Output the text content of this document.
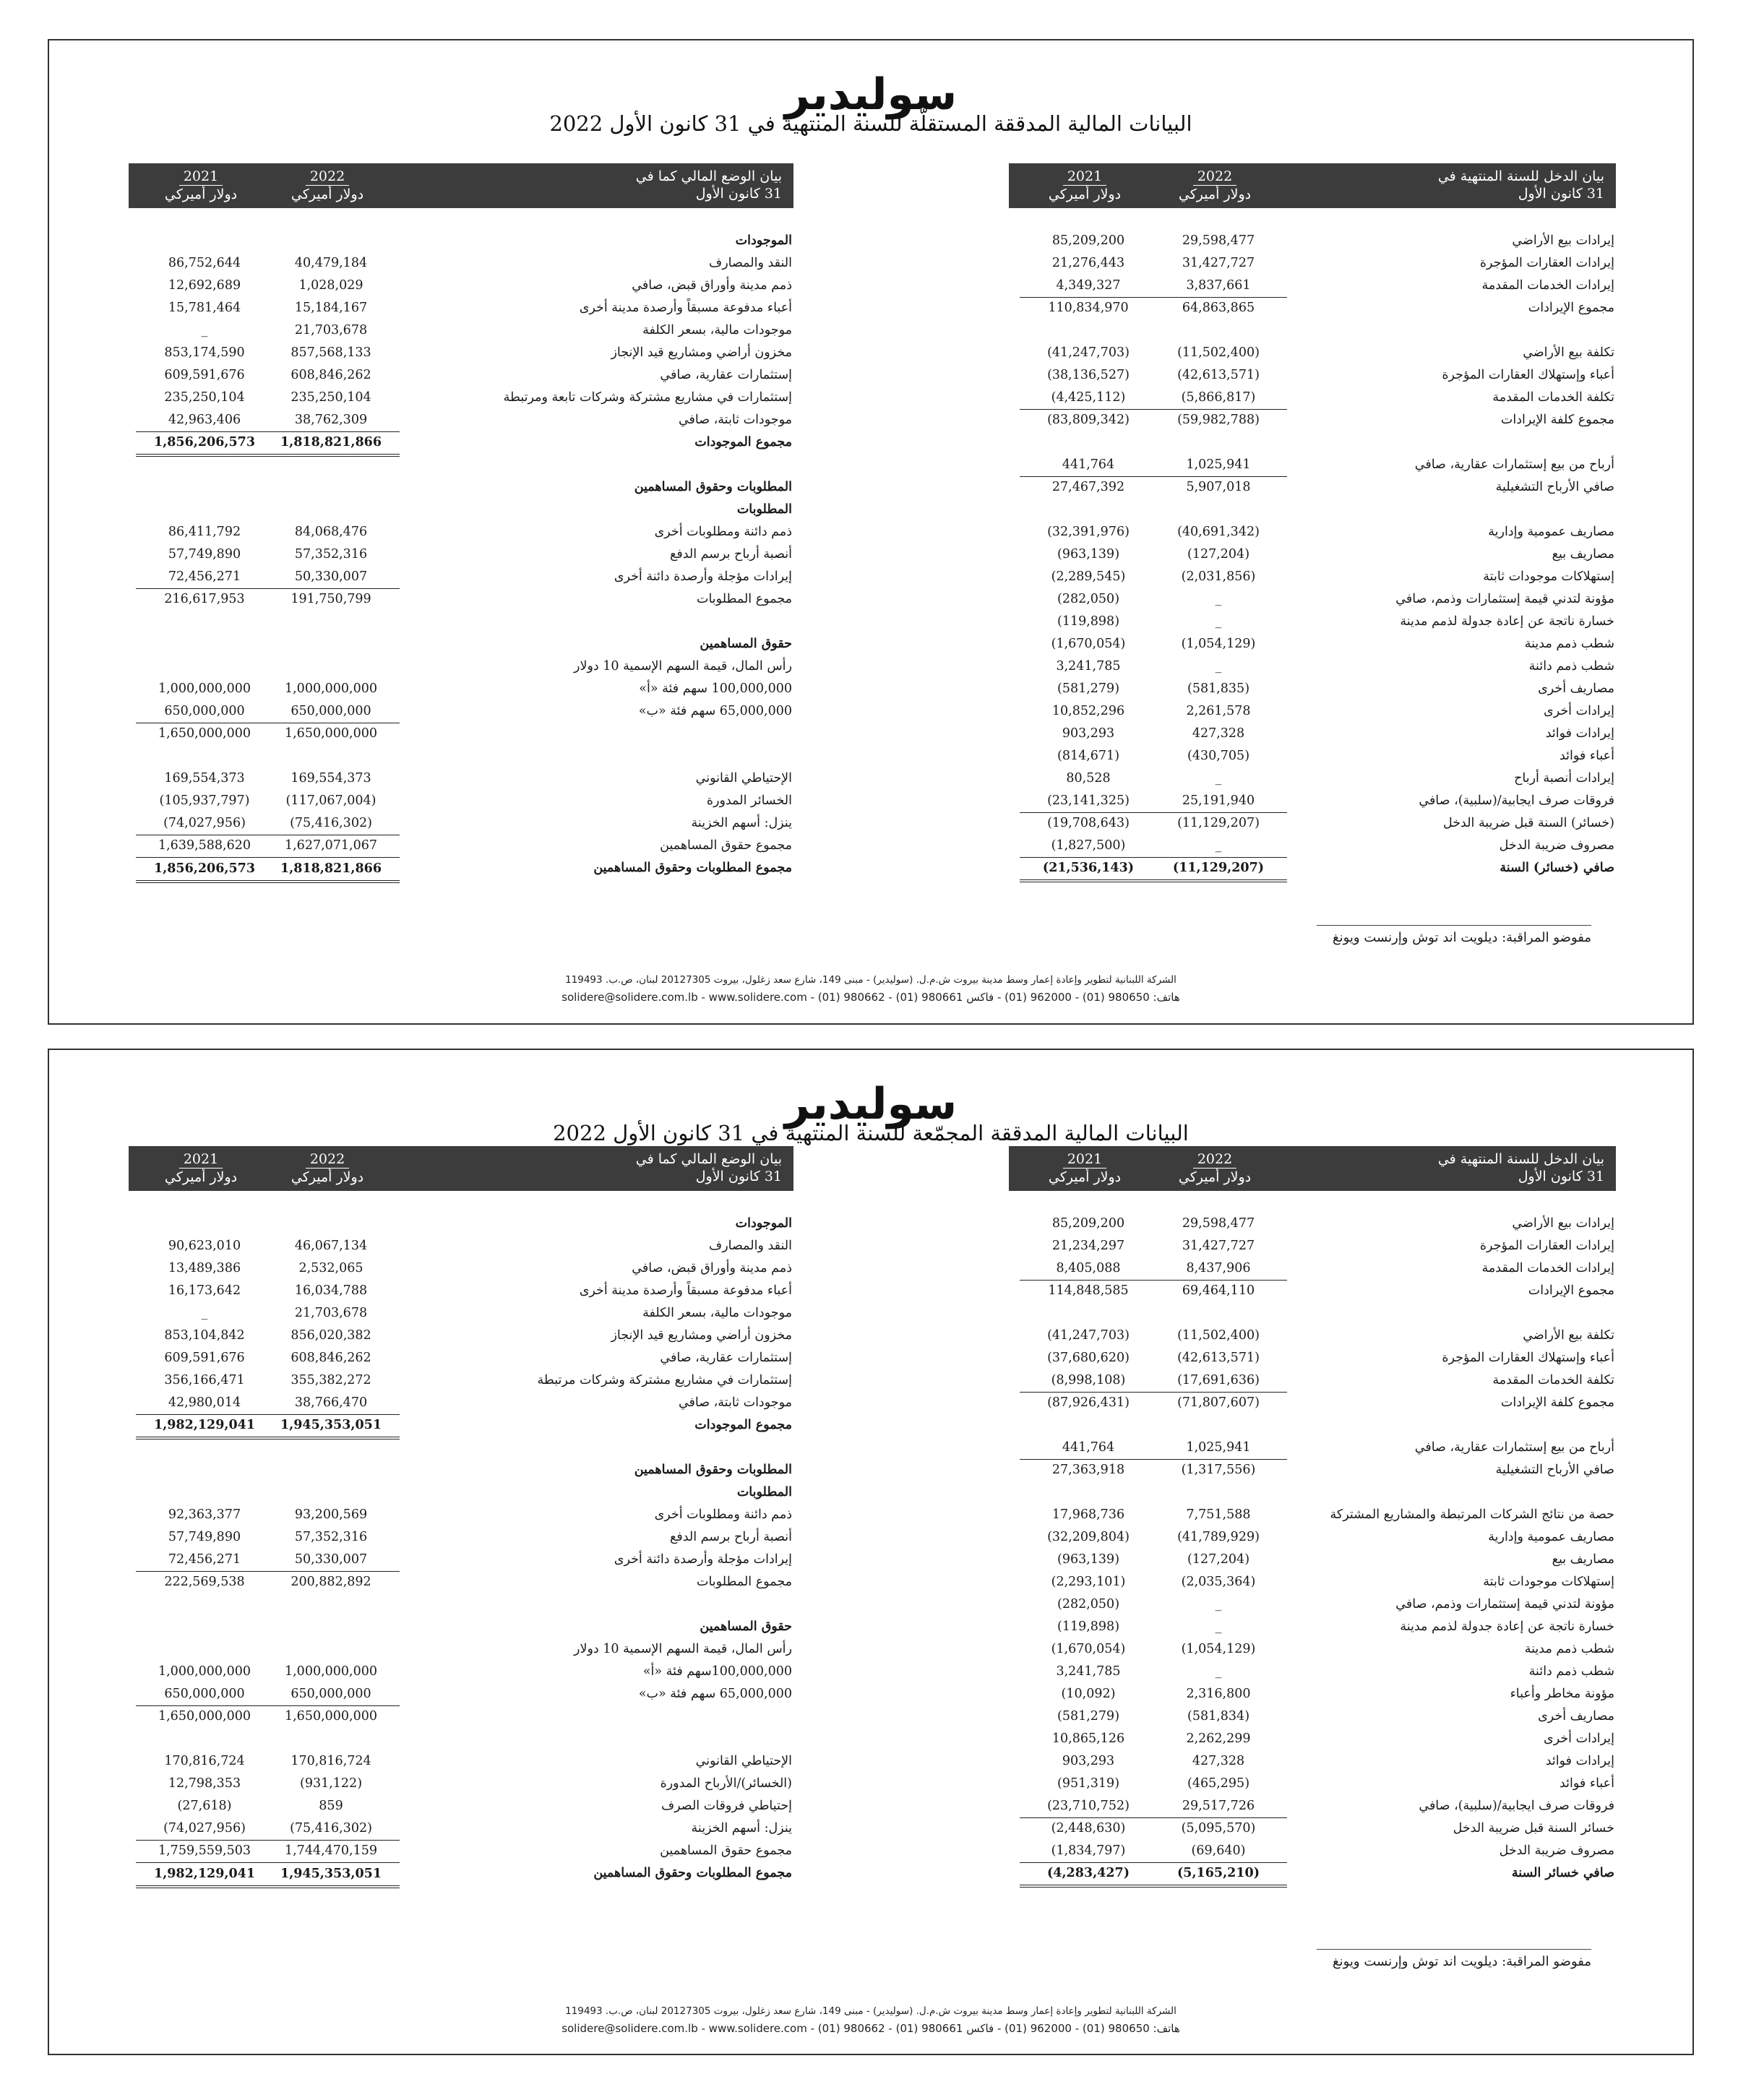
سوليدير
البيانات المالية المدققة المستقلّة للسنة المنتهية في 31 كانون الأول 2022
بيان الدخل للسنة المنتهية في
31 كانون الأول
2022
دولار أميركي
2021
دولار أميركي
إيرادات بيع الأراضي
29,598,477
85,209,200
إيرادات العقارات المؤجرة
31,427,727
21,276,443
إيرادات الخدمات المقدمة
3,837,661
4,349,327
مجموع الإيرادات
64,863,865
110,834,970
تكلفة بيع الأراضي
(11,502,400)
(41,247,703)
أعباء وإستهلاك العقارات المؤجرة
(42,613,571)
(38,136,527)
تكلفة الخدمات المقدمة
(5,866,817)
(4,425,112)
مجموع كلفة الإيرادات
(59,982,788)
(83,809,342)
أرباح من بيع إستثمارات عقارية، صافي
1,025,941
441,764
صافي الأرباح التشغيلية
5,907,018
27,467,392
مصاريف عمومية وإدارية
(40,691,342)
(32,391,976)
مصاريف بيع
(127,204)
(963,139)
إستهلاكات موجودات ثابتة
(2,031,856)
(2,289,545)
مؤونة لتدني قيمة إستثمارات وذمم، صافي
_
(282,050)
خسارة ناتجة عن إعادة جدولة لذمم مدينة
_
(119,898)
شطب ذمم مدينة
(1,054,129)
(1,670,054)
شطب ذمم دائنة
_
3,241,785
مصاريف أخرى
(581,835)
(581,279)
إيرادات أخرى
2,261,578
10,852,296
إيرادات فوائد
427,328
903,293
أعباء فوائد
(430,705)
(814,671)
إيرادات أنصبة أرباح
_
80,528
فروقات صرف ايجابية/(سلبية)، صافي
25,191,940
(23,141,325)
(خسائر) السنة قبل ضريبة الدخل
(11,129,207)
(19,708,643)
مصروف ضريبة الدخل
_
(1,827,500)
صافي (خسائر) السنة
(11,129,207)
(21,536,143)
بيان الوضع المالي كما في
31 كانون الأول
2022
دولار أميركي
2021
دولار أميركي
الموجودات
النقد والمصارف
40,479,184
86,752,644
ذمم مدينة وأوراق قبض، صافي
1,028,029
12,692,689
أعباء مدفوعة مسبقاً وأرصدة مدينة أخرى
15,184,167
15,781,464
موجودات مالية، بسعر الكلفة
21,703,678
_
مخزون أراضي ومشاريع قيد الإنجاز
857,568,133
853,174,590
إستثمارات عقارية، صافي
608,846,262
609,591,676
إستثمارات في مشاريع مشتركة وشركات تابعة ومرتبطة
235,250,104
235,250,104
موجودات ثابتة، صافي
38,762,309
42,963,406
مجموع الموجودات
1,818,821,866
1,856,206,573
المطلوبات وحقوق المساهمين
المطلوبات
ذمم دائنة ومطلوبات أخرى
84,068,476
86,411,792
أنصبة أرباح برسم الدفع
57,352,316
57,749,890
إيرادات مؤجلة وأرصدة دائنة أخرى
50,330,007
72,456,271
مجموع المطلوبات
191,750,799
216,617,953
حقوق المساهمين
رأس المال، قيمة السهم الإسمية 10 دولار
100,000,000 سهم فئة «أ»
1,000,000,000
1,000,000,000
65,000,000 سهم فئة «ب»
650,000,000
650,000,000
1,650,000,000
1,650,000,000
الإحتياطي القانوني
169,554,373
169,554,373
الخسائر المدورة
(117,067,004)
(105,937,797)
ينزل: أسهم الخزينة
(75,416,302)
(74,027,956)
مجموع حقوق المساهمين
1,627,071,067
1,639,588,620
مجموع المطلوبات وحقوق المساهمين
1,818,821,866
1,856,206,573
مفوضو المراقبة: ديلويت اند توش وإرنست ويونغ
الشركة اللبنانية لتطوير وإعادة إعمار وسط مدينة بيروت ش.م.ل. (سوليدير) - مبنى 149، شارع سعد زغلول، بيروت 20127305 لبنان، ص.ب. 119493
هاتف: 980650 (01) - 962000 (01) - فاكس 980661 (01) - 980662 (01) - solidere@solidere.com.lb - www.solidere.com
سوليدير
البيانات المالية المدققة المجمّعة للسنة المنتهية في 31 كانون الأول 2022
بيان الدخل للسنة المنتهية في
31 كانون الأول
2022
دولار أميركي
2021
دولار أميركي
إيرادات بيع الأراضي
29,598,477
85,209,200
إيرادات العقارات المؤجرة
31,427,727
21,234,297
إيرادات الخدمات المقدمة
8,437,906
8,405,088
مجموع الإيرادات
69,464,110
114,848,585
تكلفة بيع الأراضي
(11,502,400)
(41,247,703)
أعباء وإستهلاك العقارات المؤجرة
(42,613,571)
(37,680,620)
تكلفة الخدمات المقدمة
(17,691,636)
(8,998,108)
مجموع كلفة الإيرادات
(71,807,607)
(87,926,431)
أرباح من بيع إستثمارات عقارية، صافي
1,025,941
441,764
صافي الأرباح التشغيلية
(1,317,556)
27,363,918
حصة من نتائج الشركات المرتبطة والمشاريع المشتركة
7,751,588
17,968,736
مصاريف عمومية وإدارية
(41,789,929)
(32,209,804)
مصاريف بيع
(127,204)
(963,139)
إستهلاكات موجودات ثابتة
(2,035,364)
(2,293,101)
مؤونة لتدني قيمة إستثمارات وذمم، صافي
_
(282,050)
خسارة ناتجة عن إعادة جدولة لذمم مدينة
_
(119,898)
شطب ذمم مدينة
(1,054,129)
(1,670,054)
شطب ذمم دائنة
_
3,241,785
مؤونة مخاطر وأعباء
2,316,800
(10,092)
مصاريف أخرى
(581,834)
(581,279)
إيرادات أخرى
2,262,299
10,865,126
إيرادات فوائد
427,328
903,293
أعباء فوائد
(465,295)
(951,319)
فروقات صرف ايجابية/(سلبية)، صافي
29,517,726
(23,710,752)
خسائر السنة قبل ضريبة الدخل
(5,095,570)
(2,448,630)
مصروف ضريبة الدخل
(69,640)
(1,834,797)
صافي خسائر السنة
(5,165,210)
(4,283,427)
بيان الوضع المالي كما في
31 كانون الأول
2022
دولار أميركي
2021
دولار أميركي
الموجودات
النقد والمصارف
46,067,134
90,623,010
ذمم مدينة وأوراق قبض، صافي
2,532,065
13,489,386
أعباء مدفوعة مسبقاً وأرصدة مدينة أخرى
16,034,788
16,173,642
موجودات مالية، بسعر الكلفة
21,703,678
_
مخزون أراضي ومشاريع قيد الإنجاز
856,020,382
853,104,842
إستثمارات عقارية، صافي
608,846,262
609,591,676
إستثمارات في مشاريع مشتركة وشركات مرتبطة
355,382,272
356,166,471
موجودات ثابتة، صافي
38,766,470
42,980,014
مجموع الموجودات
1,945,353,051
1,982,129,041
المطلوبات وحقوق المساهمين
المطلوبات
ذمم دائنة ومطلوبات أخرى
93,200,569
92,363,377
أنصبة أرباح برسم الدفع
57,352,316
57,749,890
إيرادات مؤجلة وأرصدة دائنة أخرى
50,330,007
72,456,271
مجموع المطلوبات
200,882,892
222,569,538
حقوق المساهمين
رأس المال، قيمة السهم الإسمية 10 دولار
100,000,000سهم فئة «أ»
1,000,000,000
1,000,000,000
65,000,000 سهم فئة «ب»
650,000,000
650,000,000
1,650,000,000
1,650,000,000
الإحتياطي القانوني
170,816,724
170,816,724
(الخسائر)/الأرباح المدورة
(931,122)
12,798,353
إحتياطي فروقات الصرف
859
(27,618)
ينزل: أسهم الخزينة
(75,416,302)
(74,027,956)
مجموع حقوق المساهمين
1,744,470,159
1,759,559,503
مجموع المطلوبات وحقوق المساهمين
1,945,353,051
1,982,129,041
مفوضو المراقبة: ديلويت اند توش وإرنست ويونغ
الشركة اللبنانية لتطوير وإعادة إعمار وسط مدينة بيروت ش.م.ل. (سوليدير) - مبنى 149، شارع سعد زغلول، بيروت 20127305 لبنان، ص.ب. 119493
هاتف: 980650 (01) - 962000 (01) - فاكس 980661 (01) - 980662 (01) - solidere@solidere.com.lb - www.solidere.com
